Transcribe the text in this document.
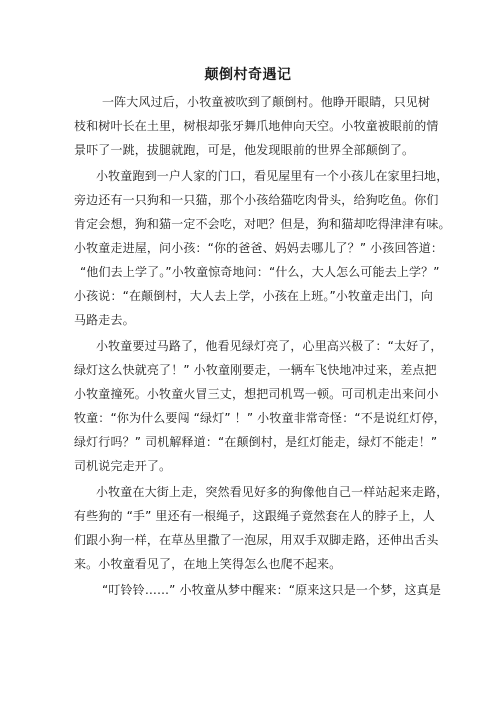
颠倒村奇遇记
一阵大风过后，小牧童被吹到了颠倒村。他睁开眼睛，只见树
枝和树叶长在土里，树根却张牙舞爪地伸向天空。小牧童被眼前的情
景吓了一跳，拔腿就跑，可是，他发现眼前的世界全部颠倒了。
小牧童跑到一户人家的门口，看见屋里有一个小孩儿在家里扫地，
旁边还有一只狗和一只猫，那个小孩给猫吃肉骨头，给狗吃鱼。你们
肯定会想，狗和猫一定不会吃，对吧？但是，狗和猫却吃得津津有味。
小牧童走进屋，问小孩：“你的爸爸、妈妈去哪儿了？” 小孩回答道：
“他们去上学了。”小牧童惊奇地问：“什么，大人怎么可能去上学？”
小孩说：“在颠倒村，大人去上学，小孩在上班。”小牧童走出门，向
马路走去。
小牧童要过马路了，他看见绿灯亮了，心里高兴极了：“太好了，
绿灯这么快就亮了！” 小牧童刚要走，一辆车飞快地冲过来，差点把
小牧童撞死。小牧童火冒三丈，想把司机骂一顿。可司机走出来问小
牧童：“你为什么要闯 “绿灯” ！” 小牧童非常奇怪：“不是说红灯停，
绿灯行吗？” 司机解释道：“在颠倒村，是红灯能走，绿灯不能走！”
司机说完走开了。
小牧童在大街上走，突然看见好多的狗像他自己一样站起来走路，
有些狗的 “手” 里还有一根绳子，这跟绳子竟然套在人的脖子上，人
们跟小狗一样，在草丛里撒了一泡尿，用双手双脚走路，还伸出舌头
来。小牧童看见了，在地上笑得怎么也爬不起来。
“叮铃铃……” 小牧童从梦中醒来：“原来这只是一个梦，这真是
